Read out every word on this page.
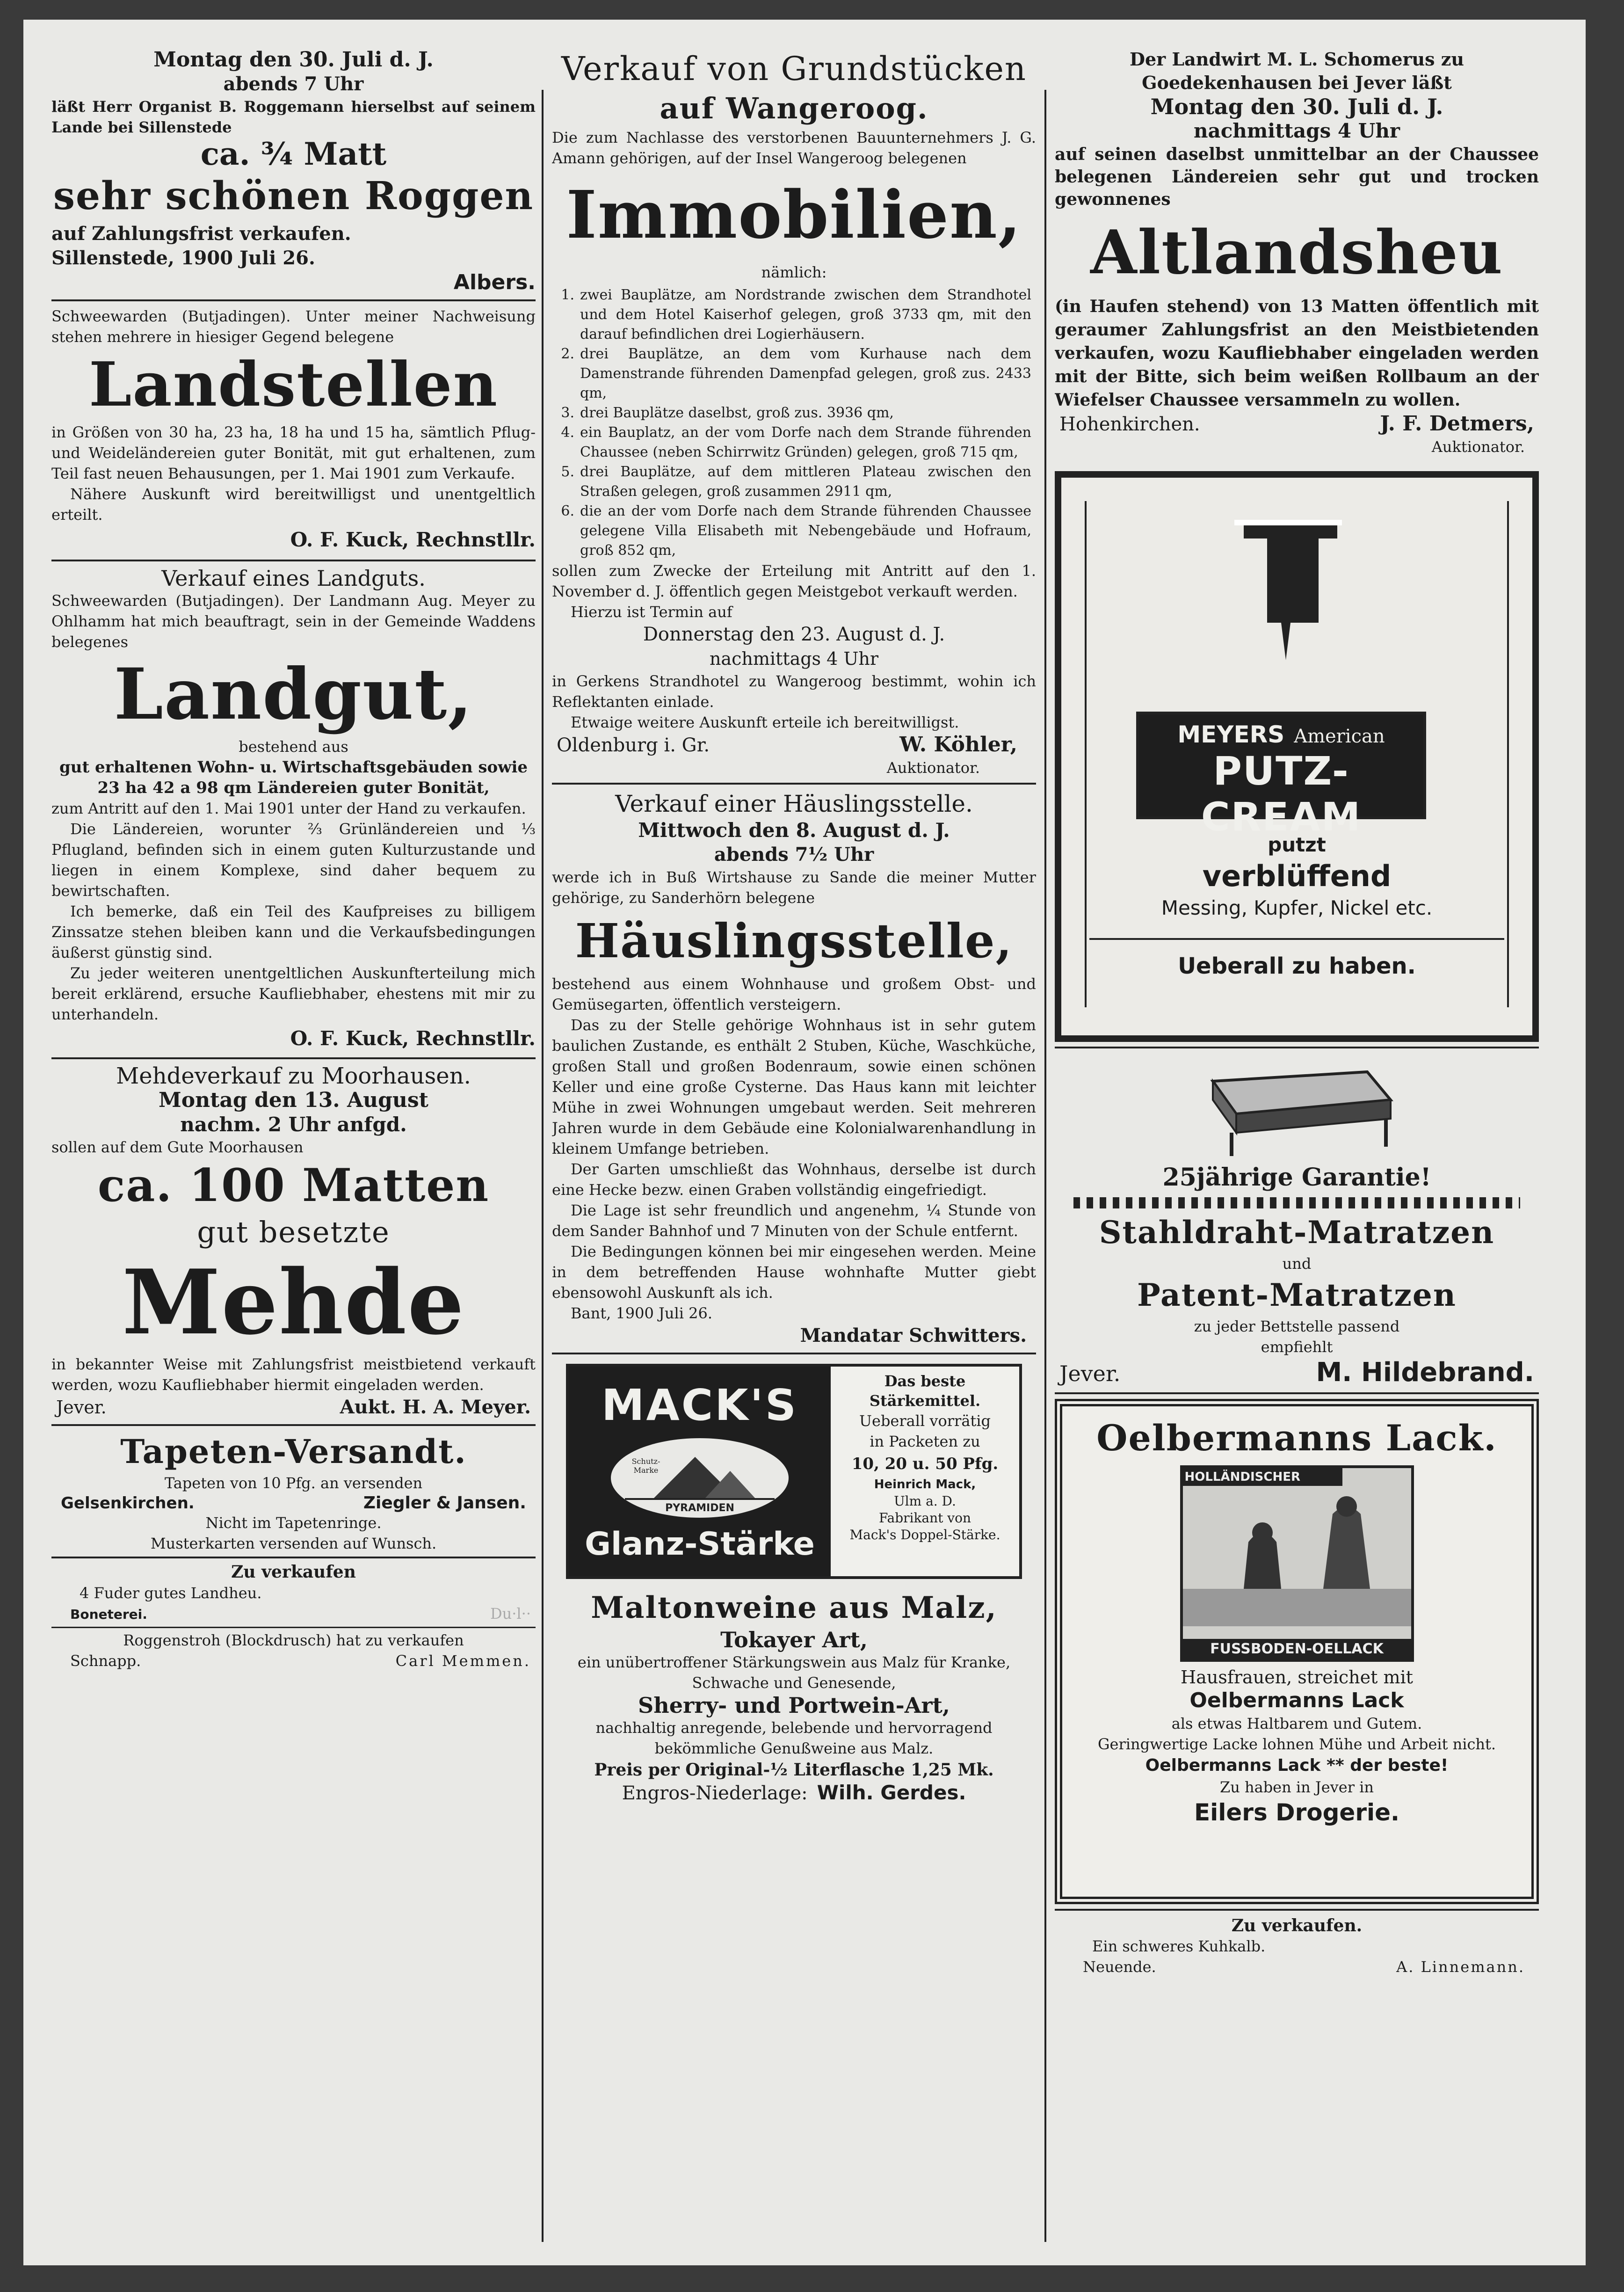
Montag den 30. Juli d. J.
abends 7 Uhr
läßt Herr Organist B. Roggemann hierselbst auf seinem Lande bei Sillenstede
ca. ¾ Matt
sehr schönen Roggen
auf Zahlungsfrist verkaufen.
Sillenstede, 1900 Juli 26.
Albers.
Schweewarden (Butjadingen). Unter meiner Nachweisung stehen mehrere in hiesiger Gegend belegene
Landstellen
in Größen von 30 ha, 23 ha, 18 ha und 15 ha, sämtlich Pflug- und Weideländereien guter Bonität, mit gut erhaltenen, zum Teil fast neuen Behausungen, per 1. Mai 1901 zum Verkaufe.
Nähere Auskunft wird bereitwilligst und unentgeltlich erteilt.
O. F. Kuck, Rechnstllr.
Verkauf eines Landguts.
Schweewarden (Butjadingen). Der Landmann Aug. Meyer zu Ohlhamm hat mich beauftragt, sein in der Gemeinde Waddens belegenes
Landgut,
bestehend aus
gut erhaltenen Wohn- u. Wirtschaftsgebäuden sowie 23 ha 42 a 98 qm Ländereien guter Bonität,
zum Antritt auf den 1. Mai 1901 unter der Hand zu verkaufen.
Die Ländereien, worunter ⅔ Grünländereien und ⅓ Pflugland, befinden sich in einem guten Kulturzustande und liegen in einem Komplexe, sind daher bequem zu bewirtschaften.
Ich bemerke, daß ein Teil des Kaufpreises zu billigem Zinssatze stehen bleiben kann und die Verkaufsbedingungen äußerst günstig sind.
Zu jeder weiteren unentgeltlichen Auskunfterteilung mich bereit erklärend, ersuche Kaufliebhaber, ehestens mit mir zu unterhandeln.
O. F. Kuck, Rechnstllr.
Mehdeverkauf zu Moorhausen.
Montag den 13. August
nachm. 2 Uhr anfgd.
sollen auf dem Gute Moorhausen
ca. 100 Matten
gut besetzte
Mehde
in bekannter Weise mit Zahlungsfrist meistbietend verkauft werden, wozu Kaufliebhaber hiermit eingeladen werden.
Jever.	Aukt. H. A. Meyer.
Tapeten-Versandt.
Tapeten von 10 Pfg. an versenden
Gelsenkirchen.	Ziegler & Jansen.
Nicht im Tapetenringe.
Musterkarten versenden auf Wunsch.
Zu verkaufen
4 Fuder gutes Landheu.
Boneterei.	Du·l··
Roggenstroh (Blockdrusch) hat zu verkaufen
Schnapp.	Carl Memmen.
Verkauf von Grundstücken
auf Wangeroog.
Die zum Nachlasse des verstorbenen Bauunternehmers J. G. Amann gehörigen, auf der Insel Wangeroog belegenen
Immobilien,
nämlich:
1. zwei Bauplätze, am Nordstrande zwischen dem Strandhotel und dem Hotel Kaiserhof gelegen, groß 3733 qm, mit den darauf befindlichen drei Logierhäusern.
2. drei Bauplätze, an dem vom Kurhause nach dem Damenstrande führenden Damenpfad gelegen, groß zus. 2433 qm,
3. drei Bauplätze daselbst, groß zus. 3936 qm,
4. ein Bauplatz, an der vom Dorfe nach dem Strande führenden Chaussee (neben Schirrwitz Gründen) gelegen, groß 715 qm,
5. drei Bauplätze, auf dem mittleren Plateau zwischen den Straßen gelegen, groß zusammen 2911 qm,
6. die an der vom Dorfe nach dem Strande führenden Chaussee gelegene Villa Elisabeth mit Nebengebäude und Hofraum, groß 852 qm,
sollen zum Zwecke der Erteilung mit Antritt auf den 1. November d. J. öffentlich gegen Meistgebot verkauft werden.
Hierzu ist Termin auf
Donnerstag den 23. August d. J.
nachmittags 4 Uhr
in Gerkens Strandhotel zu Wangeroog bestimmt, wohin ich Reflektanten einlade.
Etwaige weitere Auskunft erteile ich bereitwilligst.
Oldenburg i. Gr.	W. Köhler,
Auktionator.
Verkauf einer Häuslingsstelle.
Mittwoch den 8. August d. J.
abends 7½ Uhr
werde ich in Buß Wirtshause zu Sande die meiner Mutter gehörige, zu Sanderhörn belegene
Häuslingsstelle,
bestehend aus einem Wohnhause und großem Obst- und Gemüsegarten, öffentlich versteigern.
Das zu der Stelle gehörige Wohnhaus ist in sehr gutem baulichen Zustande, es enthält 2 Stuben, Küche, Waschküche, großen Stall und großen Bodenraum, sowie einen schönen Keller und eine große Cysterne. Das Haus kann mit leichter Mühe in zwei Wohnungen umgebaut werden. Seit mehreren Jahren wurde in dem Gebäude eine Kolonialwarenhandlung in kleinem Umfange betrieben.
Der Garten umschließt das Wohnhaus, derselbe ist durch eine Hecke bezw. einen Graben vollständig eingefriedigt.
Die Lage ist sehr freundlich und angenehm, ¼ Stunde von dem Sander Bahnhof und 7 Minuten von der Schule entfernt.
Die Bedingungen können bei mir eingesehen werden. Meine in dem betreffenden Hause wohnhafte Mutter giebt ebensowohl Auskunft als ich.
Bant, 1900 Juli 26.
Mandatar Schwitters.
MACK'S
PYRAMIDEN
Schutz-Marke
Glanz-Stärke
Das beste
Stärkemittel.
Ueberall vorrätig
in Packeten zu
10, 20 u. 50 Pfg.
Heinrich Mack,
Ulm a. D.
Fabrikant von
Mack's Doppel-Stärke.
Maltonweine aus Malz,
Tokayer Art,
ein unübertroffener Stärkungswein aus Malz für Kranke, Schwache und Genesende,
Sherry- und Portwein-Art,
nachhaltig anregende, belebende und hervorragend bekömmliche Genußweine aus Malz.
Preis per Original-½ Literflasche 1,25 Mk.
Engros-Niederlage: Wilh. Gerdes.
Der Landwirt M. L. Schomerus zu Goedekenhausen bei Jever läßt
Montag den 30. Juli d. J.
nachmittags 4 Uhr
auf seinen daselbst unmittelbar an der Chaussee belegenen Ländereien sehr gut und trocken gewonnenes
Altlandsheu
(in Haufen stehend) von 13 Matten öffentlich mit geraumer Zahlungsfrist an den Meistbietenden verkaufen, wozu Kaufliebhaber eingeladen werden mit der Bitte, sich beim weißen Rollbaum an der Wiefelser Chaussee versammeln zu wollen.
Hohenkirchen.	J. F. Detmers,
Auktionator.
MEYERS American
PUTZ-CREAM
putzt
verblüffend
Messing, Kupfer, Nickel etc.
Ueberall zu haben.
25jährige Garantie!
Stahldraht-Matratzen
und
Patent-Matratzen
zu jeder Bettstelle passend
empfiehlt
Jever.	M. Hildebrand.
Oelbermanns Lack.
HOLLÄNDISCHER
FUSSBODEN-OELLACK
Hausfrauen, streichet mit
Oelbermanns Lack
als etwas Haltbarem und Gutem.
Geringwertige Lacke lohnen Mühe und Arbeit nicht.
Oelbermanns Lack ** der beste!
Zu haben in Jever in
Eilers Drogerie.
Zu verkaufen.
Ein schweres Kuhkalb.
Neuende.	A. Linnemann.
